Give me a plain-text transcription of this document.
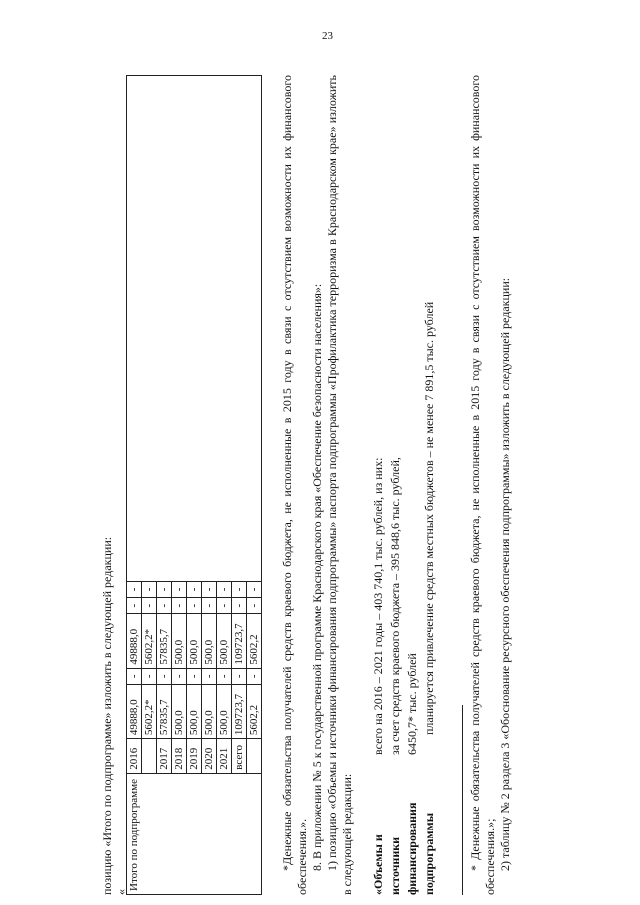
23
позицию «Итого по подпрограмме» изложить в следующей редакции: «
Итого по подпрограмме	2016	49888,0	-	49888,0	-	-	
		5602,2*	-	5602,2*	-	-	
	2017	57835,7	-	57835,7	-	-	
	2018	500,0	-	500,0	-	-	
	2019	500,0	-	500,0	-	-	
	2020	500,0	-	500,0	-	-	
	2021	500,0	-	500,0	-	-	
	всего	109723,7	-	109723,7	-	-	
		5602,2	-	5602,2	-	-	*Денежные обязательства получателей средств краевого бюджета, не исполненные в 2015 году в связи с отсутствием возможности их финансового обеспечения.». 8. В приложении № 5 к государственной программе Краснодарского края «Обеспечение безопасности населения»: 1) позицию «Объемы и источники финансирования подпрограммы» паспорта подпрограммы «Профилактика терроризма в Краснодарском крае» изложить в следующей редакции: «Объемы и источники финансирования подпрограммы
всего на 2016 – 2021 годы – 403 740,1 тыс. рублей, из них: за счет средств краевого бюджета – 395 848,6 тыс. рублей, 6450,7* тыс. рублей планируется привлечение средств местных бюджетов – не менее 7 891,5 тыс. рублей	* Денежные обязательства получателей средств краевого бюджета, не исполненные в 2015 году в связи с отсутствием возможности их финансового обеспечения.»; 2) таблицу № 2 раздела 3 «Обоснование ресурсного обеспечения подпрограммы» изложить в следующей редакции:
